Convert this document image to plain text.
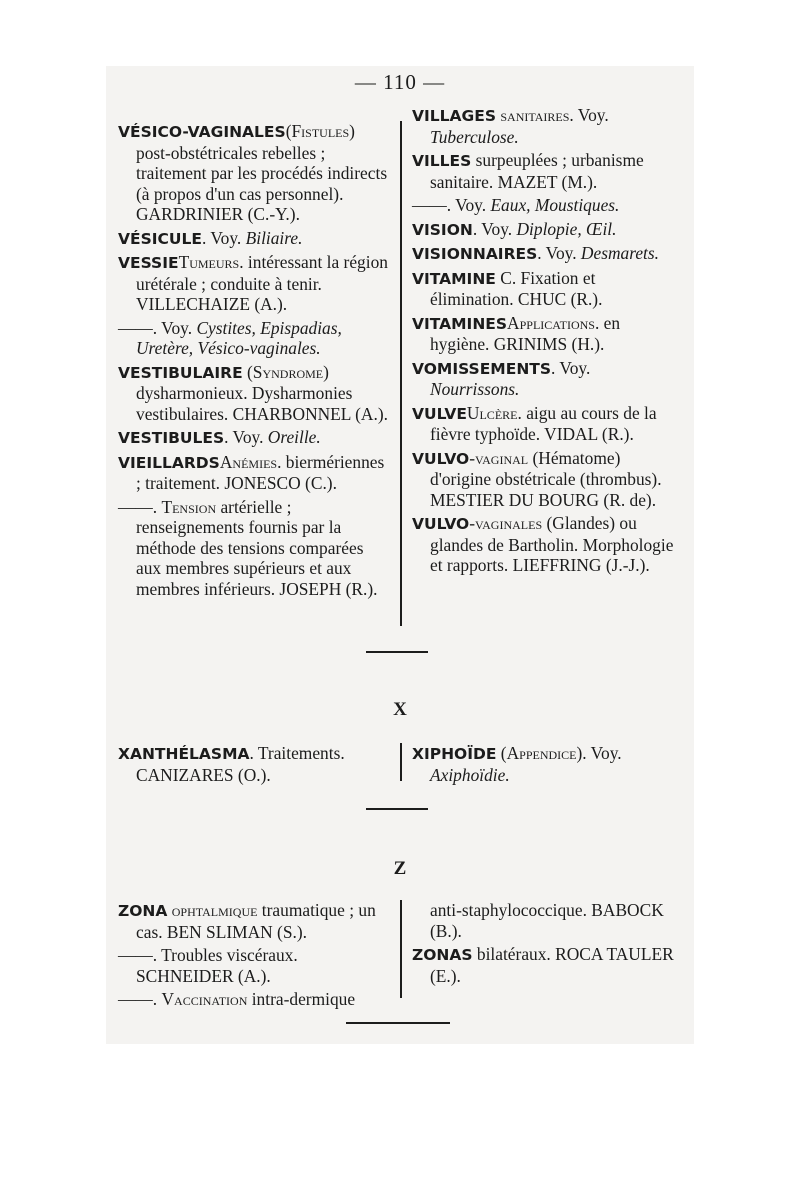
— 110 —
VÉSICO-VAGINALES(Fistules) post-obstétricales rebelles ; traitement par les procédés indirects (à propos d'un cas personnel). GARDRINIER (C.-Y.).
VÉSICULE. Voy. Biliaire.
VESSIETumeurs. intéressant la région urétérale ; conduite à tenir. VILLECHAIZE (A.).
——. Voy. Cystites, Epispadias, Uretère, Vésico-vaginales.
VESTIBULAIRE (Syndrome) dysharmonieux. Dysharmonies vestibulaires. CHARBONNEL (A.).
VESTIBULES. Voy. Oreille.
VIEILLARDSAnémies. biermériennes ; traitement. JONESCO (C.).
——. Tension artérielle ; renseignements fournis par la méthode des tensions comparées aux membres supérieurs et aux membres inférieurs. JOSEPH (R.).
VILLAGES sanitaires. Voy. Tuberculose.
VILLES surpeuplées ; urbanisme sanitaire. MAZET (M.).
——. Voy. Eaux, Moustiques.
VISION. Voy. Diplopie, Œil.
VISIONNAIRES. Voy. Desmarets.
VITAMINE C. Fixation et élimination. CHUC (R.).
VITAMINESApplications. en hygiène. GRINIMS (H.).
VOMISSEMENTS. Voy. Nourrissons.
VULVEUlcère. aigu au cours de la fièvre typhoïde. VIDAL (R.).
VULVO-vaginal (Hématome) d'origine obstétricale (thrombus). MESTIER DU BOURG (R. de).
VULVO-vaginales (Glandes) ou glandes de Bartholin. Morphologie et rapports. LIEFFRING (J.-J.).
X
XANTHÉLASMA. Traitements. CANIZARES (O.).
XIPHOÏDE (Appendice). Voy. Axiphoïdie.
Z
ZONA ophtalmique traumatique ; un cas. BEN SLIMAN (S.).
——. Troubles viscéraux. SCHNEIDER (A.).
——. Vaccination intra-dermique
anti-staphylococcique. BABOCK (B.).
ZONAS bilatéraux. ROCA TAULER (E.).
